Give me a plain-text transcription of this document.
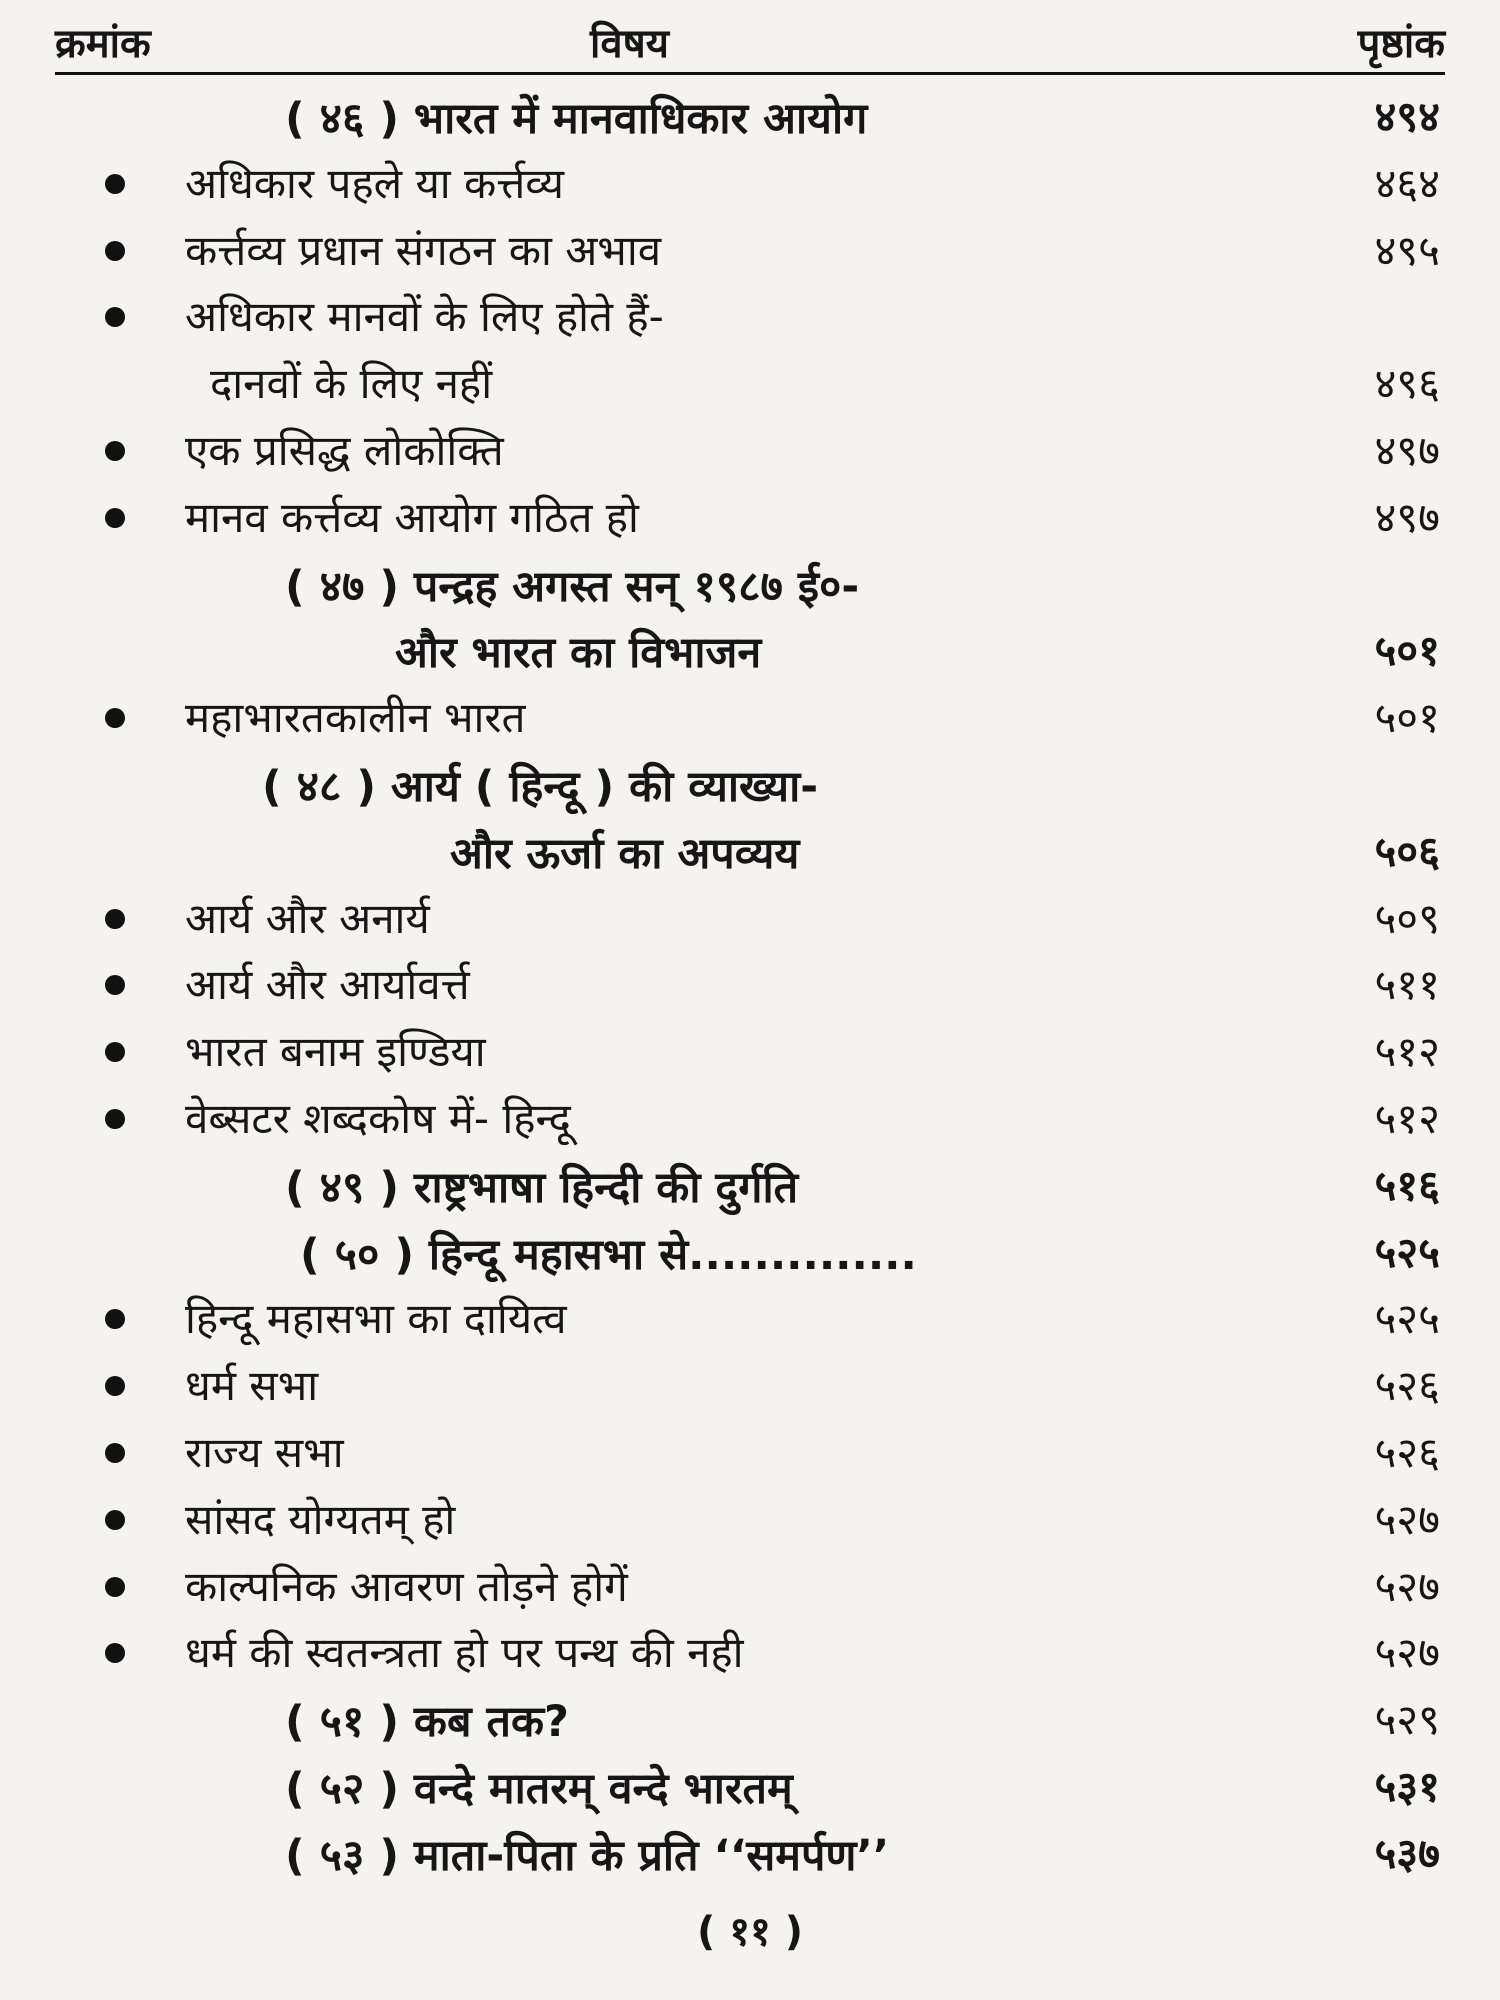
क्रमांक	विषय	पृष्ठांक
( ४६ ) भारत में मानवाधिकार आयोग	४९४
अधिकार पहले या कर्त्तव्य	४६४
कर्त्तव्य प्रधान संगठन का अभाव	४९५
अधिकार मानवों के लिए होते हैं-
दानवों के लिए नहीं	४९६
एक प्रसिद्ध लोकोक्ति	४९७
मानव कर्त्तव्य आयोग गठित हो	४९७
( ४७ ) पन्द्रह अगस्त सन् १९८७ ई०-
और भारत का विभाजन	५०१
महाभारतकालीन भारत	५०१
( ४८ ) आर्य ( हिन्दू ) की व्याख्या-
और ऊर्जा का अपव्यय	५०६
आर्य और अनार्य	५०९
आर्य और आर्यावर्त्त	५११
भारत बनाम इण्डिया	५१२
वेब्सटर शब्दकोष में- हिन्दू	५१२
( ४९ ) राष्ट्रभाषा हिन्दी की दुर्गति	५१६
( ५० ) हिन्दू महासभा से..............	५२५
हिन्दू महासभा का दायित्व	५२५
धर्म सभा	५२६
राज्य सभा	५२६
सांसद योग्यतम् हो	५२७
काल्पनिक आवरण तोड़ने होगें	५२७
धर्म की स्वतन्त्रता हो पर पन्थ की नही	५२७
( ५१ ) कब तक?	५२९
( ५२ ) वन्दे मातरम् वन्दे भारतम्	५३१
( ५३ ) माता-पिता के प्रति ‘‘समर्पण’’	५३७
( ११ )
